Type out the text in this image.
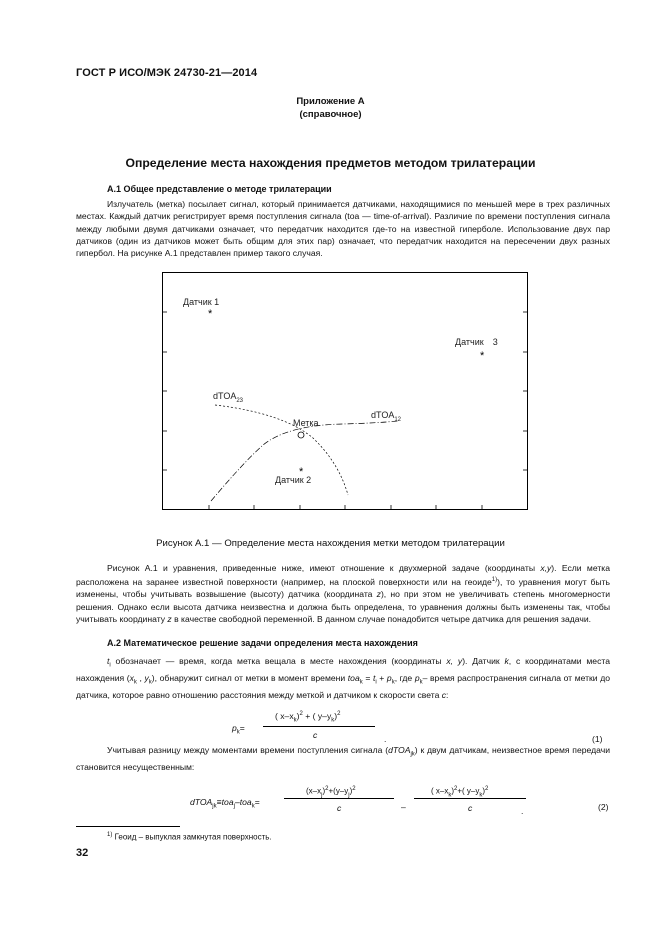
ГОСТ Р ИСО/МЭК 24730-21—2014
Приложение А
(справочное)
Определение места нахождения предметов методом трилатерации
А.1 Общее представление о методе трилатерации

Излучатель (метка) посылает сигнал, который принимается датчиками, находящимися по меньшей мере в трех различных местах. Каждый датчик регистрирует время поступления сигнала (toa — time-of-arrival). Различие по времени поступления сигнала между любыми двумя датчиками означает, что передатчик находится где-то на известной гиперболе. Использование двух пар датчиков (один из датчиков может быть общим для этих пар) означает, что передатчик находится на пересечении двух разных гипербол. На рисунке А.1 представлен пример такого случая.

*
*
*
Датчик 1
Датчик 2
Датчик 3
Метка
dTOA$_{23}$
dTOA$_{12}$
Рисунок А.1 — Определение места нахождения метки методом трилатерации

Рисунок А.1 и уравнения, приведенные ниже, имеют отношение к двухмерной задаче (координаты x,y). Если метка расположена на заранее известной поверхности (например, на плоской поверхности или на геоиде$^{1)}$), то уравнения могут быть изменены, чтобы учитывать возвышение (высоту) датчика (координата z), но при этом не увеличивать степень многомерности решения. Однако если высота датчика неизвестна и должна быть определена, то уравнения должны быть изменены так, чтобы учитывать координату z в качестве свободной переменной. В данном случае понадобится четыре датчика для решения задачи.

А.2 Математическое решение задачи определения места нахождения

$t_i$ обозначает — время, когда метка вещала в месте нахождения (координаты x, y). Датчик k, с координатами места нахождения ($x_k$ , $y_k$), обнаружит сигнал от метки в момент времени $toa_k = t_i + p_k$, где $p_k-$ время распространения сигнала от метки до датчика, которое равно отношению расстояния между меткой и датчиком к скорости света c:

$p_k=$
( $x-x_k)^2$ + ( $y-y_k)^2$
c	.	(1)

Учитывая разницу между моментами времени поступления сигнала (dTOA$_{jk}$) к двум датчикам, неизвестное время передачи становится несущественным:

dTOA$_{jk}$≡toa$_j$–toa$_k$=
$(x-x_j)^2+(y-y_j)^2$
c	–
( $x-x_k)^2+$( $y-y_k)^2$
c	.	(2)
$^{1)}$ Геоид – выпуклая замкнутая поверхность.
32
